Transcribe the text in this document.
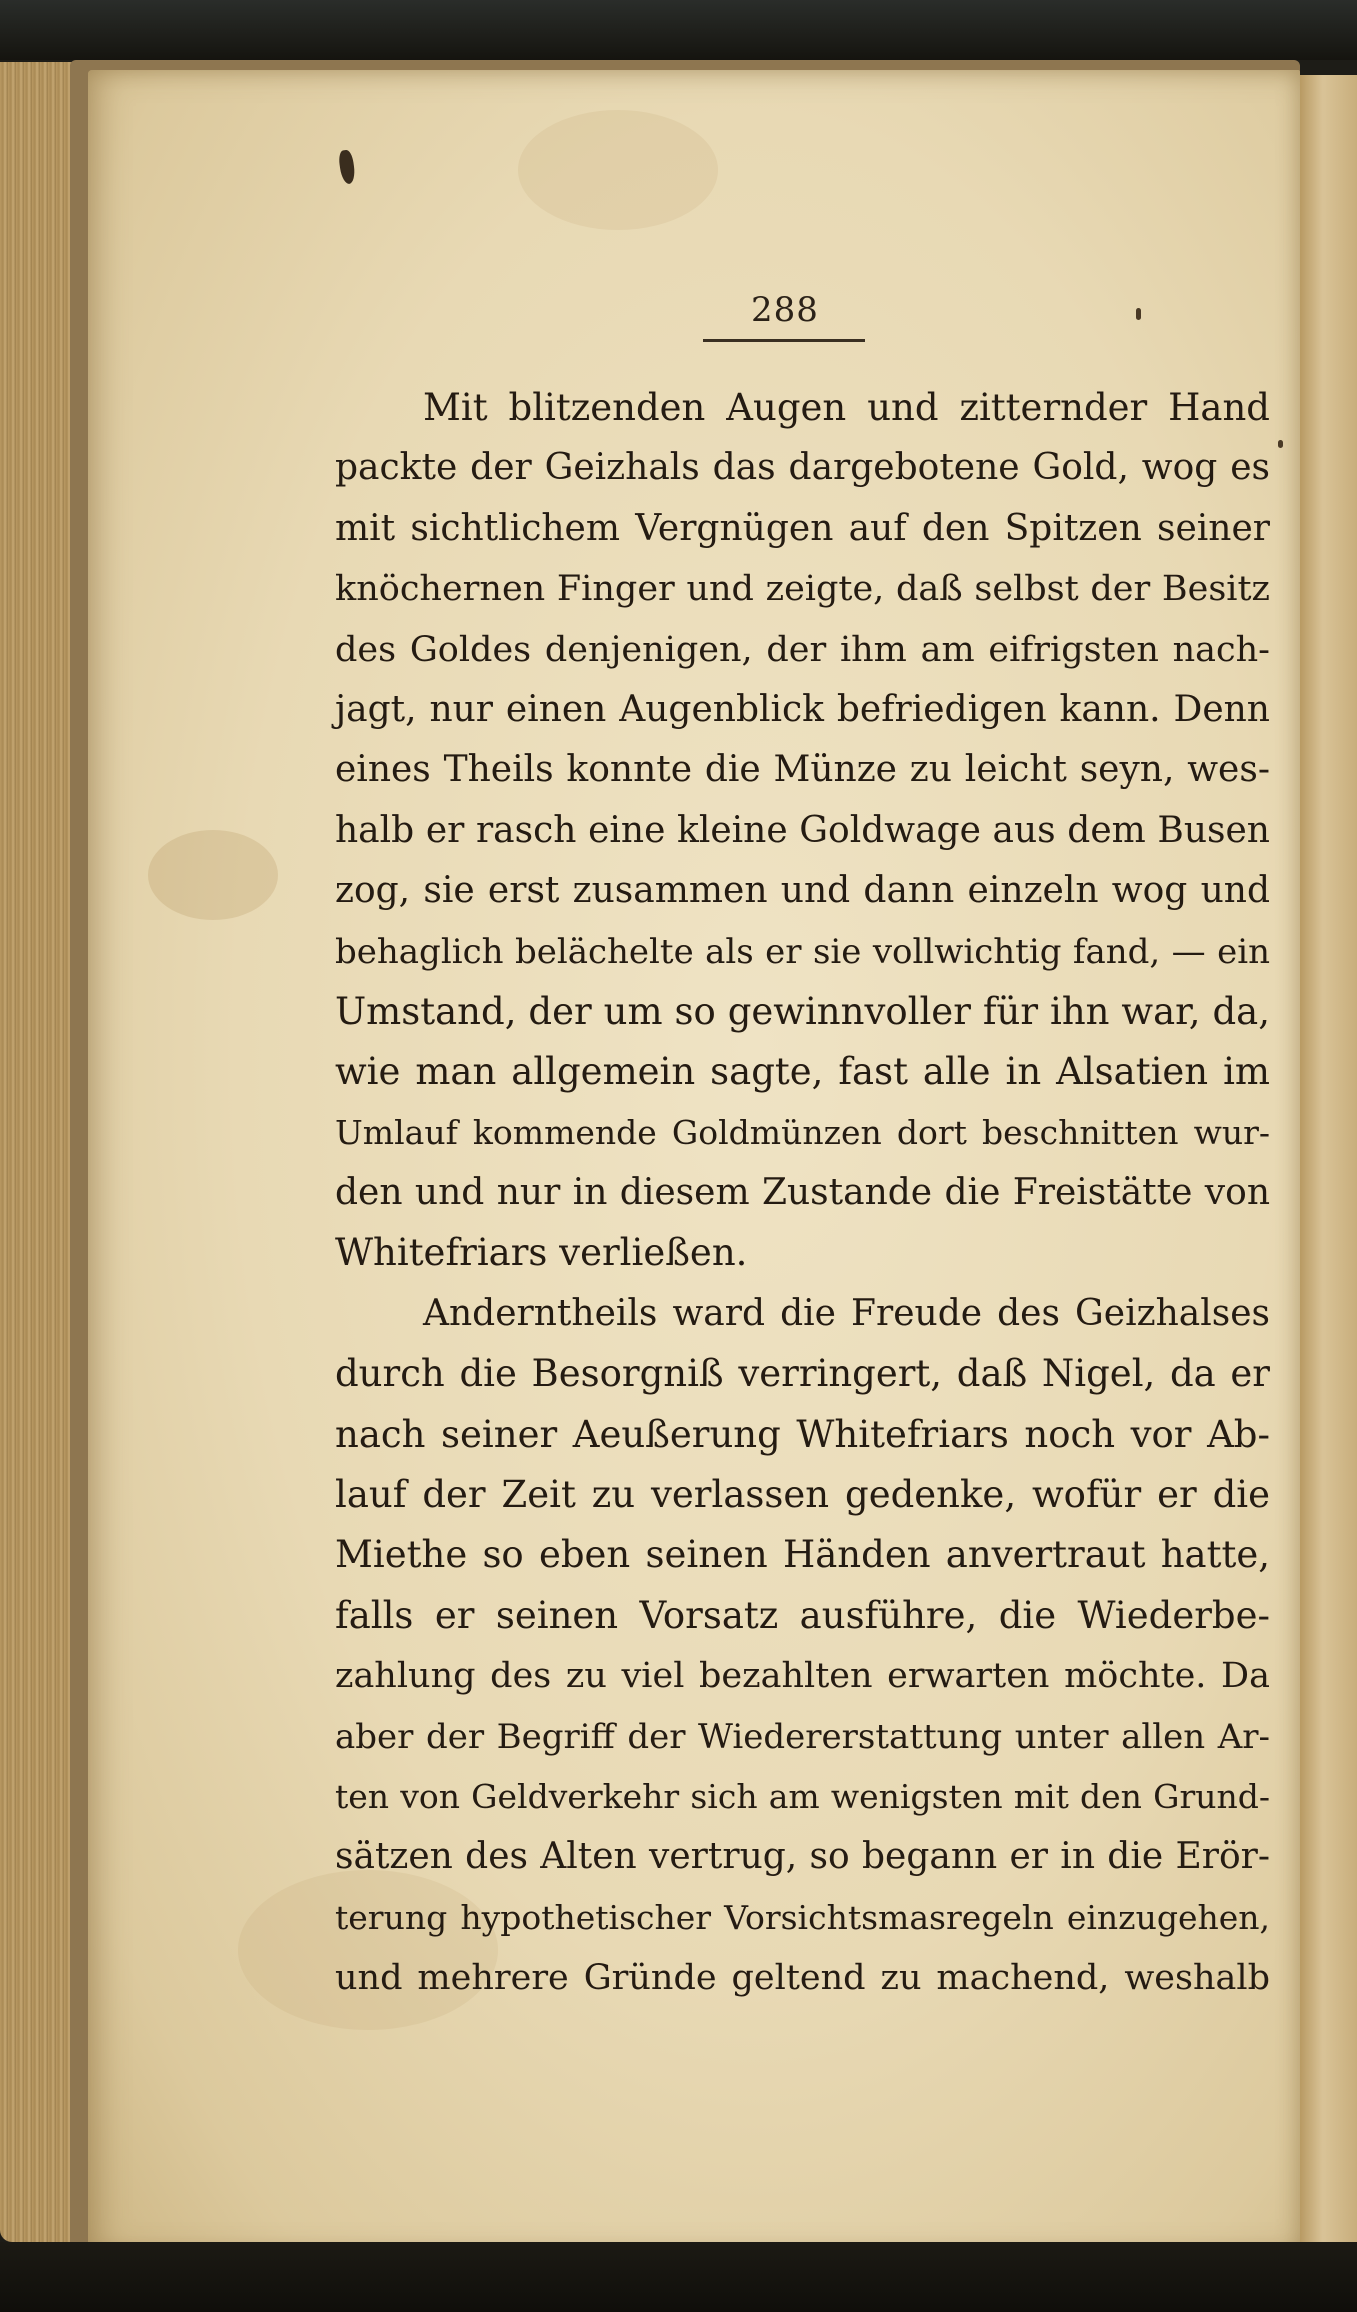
288
Mit blitzenden Augen und zitternder Hand
packte der Geizhals das dargebotene Gold, wog es
mit sichtlichem Vergnügen auf den Spitzen seiner
knöchernen Finger und zeigte, daß selbst der Besitz
des Goldes denjenigen, der ihm am eifrigsten nach-
jagt, nur einen Augenblick befriedigen kann. Denn
eines Theils konnte die Münze zu leicht seyn, wes-
halb er rasch eine kleine Goldwage aus dem Busen
zog, sie erst zusammen und dann einzeln wog und
behaglich belächelte als er sie vollwichtig fand, — ein
Umstand, der um so gewinnvoller für ihn war, da,
wie man allgemein sagte, fast alle in Alsatien im
Umlauf kommende Goldmünzen dort beschnitten wur-
den und nur in diesem Zustande die Freistätte von
Whitefriars verließen.
Anderntheils ward die Freude des Geizhalses
durch die Besorgniß verringert, daß Nigel, da er
nach seiner Aeußerung Whitefriars noch vor Ab-
lauf der Zeit zu verlassen gedenke, wofür er die
Miethe so eben seinen Händen anvertraut hatte,
falls er seinen Vorsatz ausführe, die Wiederbe-
zahlung des zu viel bezahlten erwarten möchte. Da
aber der Begriff der Wiedererstattung unter allen Ar-
ten von Geldverkehr sich am wenigsten mit den Grund-
sätzen des Alten vertrug, so begann er in die Erör-
terung hypothetischer Vorsichtsmasregeln einzugehen,
und mehrere Gründe geltend zu machend, weshalb
